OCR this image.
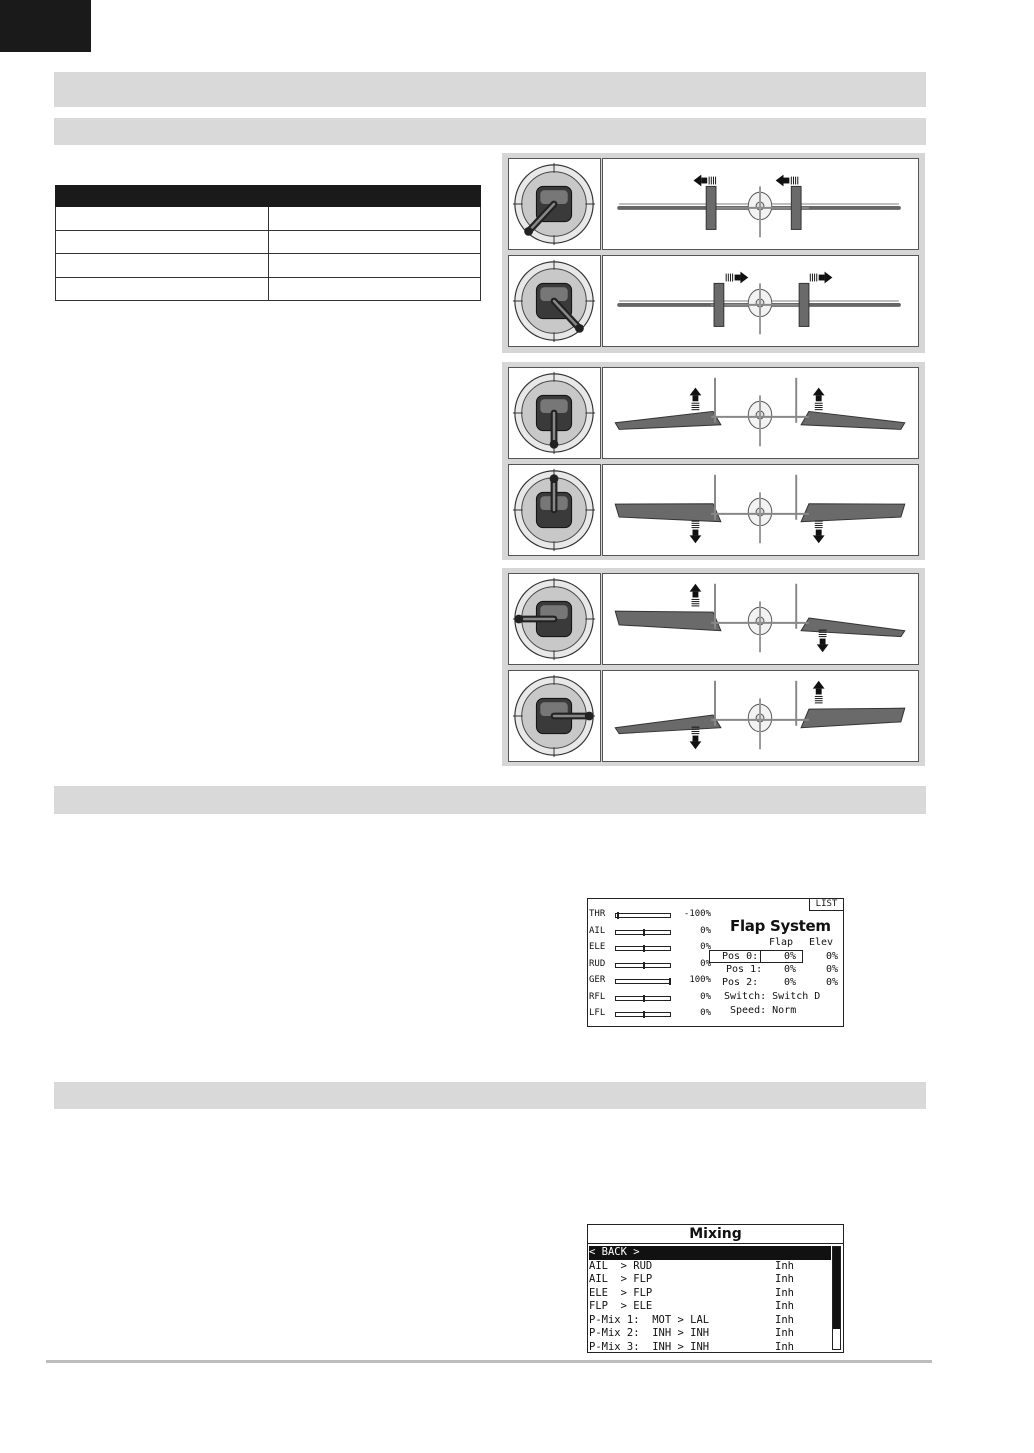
LIST
Flap System
THR	-100%
AIL	0%
ELE	0%
RUD	0%
GER	100%
RFL	0%
LFL	0%
Flap Elev
Pos 0:	0%	0%
Pos 1: 0%	0%
Pos 2:	0%	0%
Switch: Switch D
Speed: Norm
Mixing
< BACK >
AIL  > RUD	Inh
AIL  > FLP	Inh
ELE  > FLP	Inh
FLP  > ELE	Inh
P-Mix 1:  MOT > LAL	Inh
P-Mix 2:  INH > INH	Inh
P-Mix 3:  INH > INH	Inh
